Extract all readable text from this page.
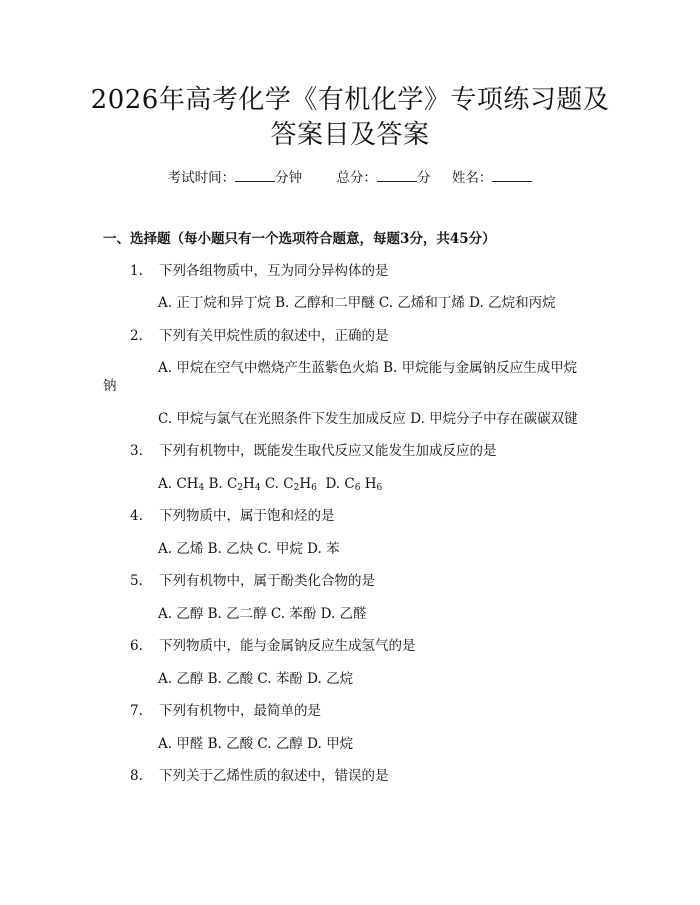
2026年高考化学《有机化学》专项练习题及
答案目及答案
考试时间：	分钟	总分：	分 姓名：
一、选择题（每小题只有一个选项符合题意，每题3分，共45分）
1. 下列各组物质中，互为同分异构体的是
A. 正丁烷和异丁烷 B. 乙醇和二甲醚 C. 乙烯和丁烯 D. 乙烷和丙烷
2. 下列有关甲烷性质的叙述中，正确的是
A. 甲烷在空气中燃烧产生蓝紫色火焰 B. 甲烷能与金属钠反应生成甲烷
钠
C. 甲烷与氯气在光照条件下发生加成反应 D. 甲烷分子中存在碳碳双键
3. 下列有机物中，既能发生取代反应又能发生加成反应的是
A. $CH_4$ B. $C_2H_4$ C. $C_2H_6$  D. $C_6$ $H_6$
4. 下列物质中，属于饱和烃的是
A. 乙烯 B. 乙炔 C. 甲烷 D. 苯
5. 下列有机物中，属于酚类化合物的是
A. 乙醇 B. 乙二醇 C. 苯酚 D. 乙醛
6. 下列物质中，能与金属钠反应生成氢气的是
A. 乙醇 B. 乙酸 C. 苯酚 D. 乙烷
7. 下列有机物中，最简单的是
A. 甲醛 B. 乙酸 C. 乙醇 D. 甲烷
8. 下列关于乙烯性质的叙述中，错误的是
